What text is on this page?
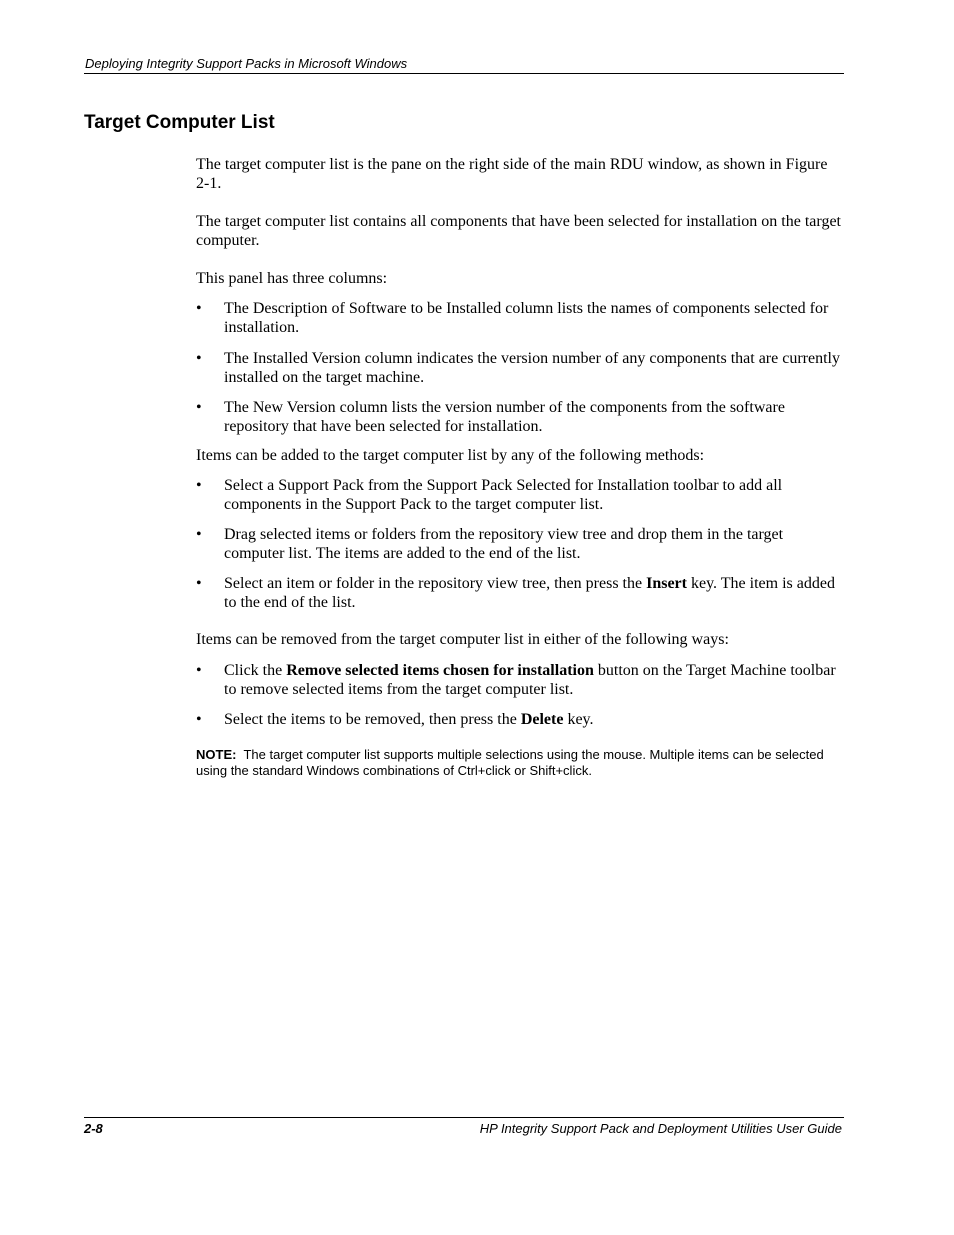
Deploying Integrity Support Packs in Microsoft Windows
Target Computer List

The target computer list is the pane on the right side of the main RDU window, as shown in Figure 2-1.

The target computer list contains all components that have been selected for installation on the target computer.

This panel has three columns:

• The Description of Software to be Installed column lists the names of components selected for installation.
• The Installed Version column indicates the version number of any components that are currently installed on the target machine.
• The New Version column lists the version number of the components from the software repository that have been selected for installation.

Items can be added to the target computer list by any of the following methods:

• Select a Support Pack from the Support Pack Selected for Installation toolbar to add all components in the Support Pack to the target computer list.
• Drag selected items or folders from the repository view tree and drop them in the target computer list. The items are added to the end of the list.
• Select an item or folder in the repository view tree, then press the Insert key. The item is added to the end of the list.

Items can be removed from the target computer list in either of the following ways:

• Click the Remove selected items chosen for installation button on the Target Machine toolbar to remove selected items from the target computer list.
• Select the items to be removed, then press the Delete key.
NOTE: The target computer list supports multiple selections using the mouse. Multiple items can be selected using the standard Windows combinations of Ctrl+click or Shift+click.
2-8	HP Integrity Support Pack and Deployment Utilities User Guide
